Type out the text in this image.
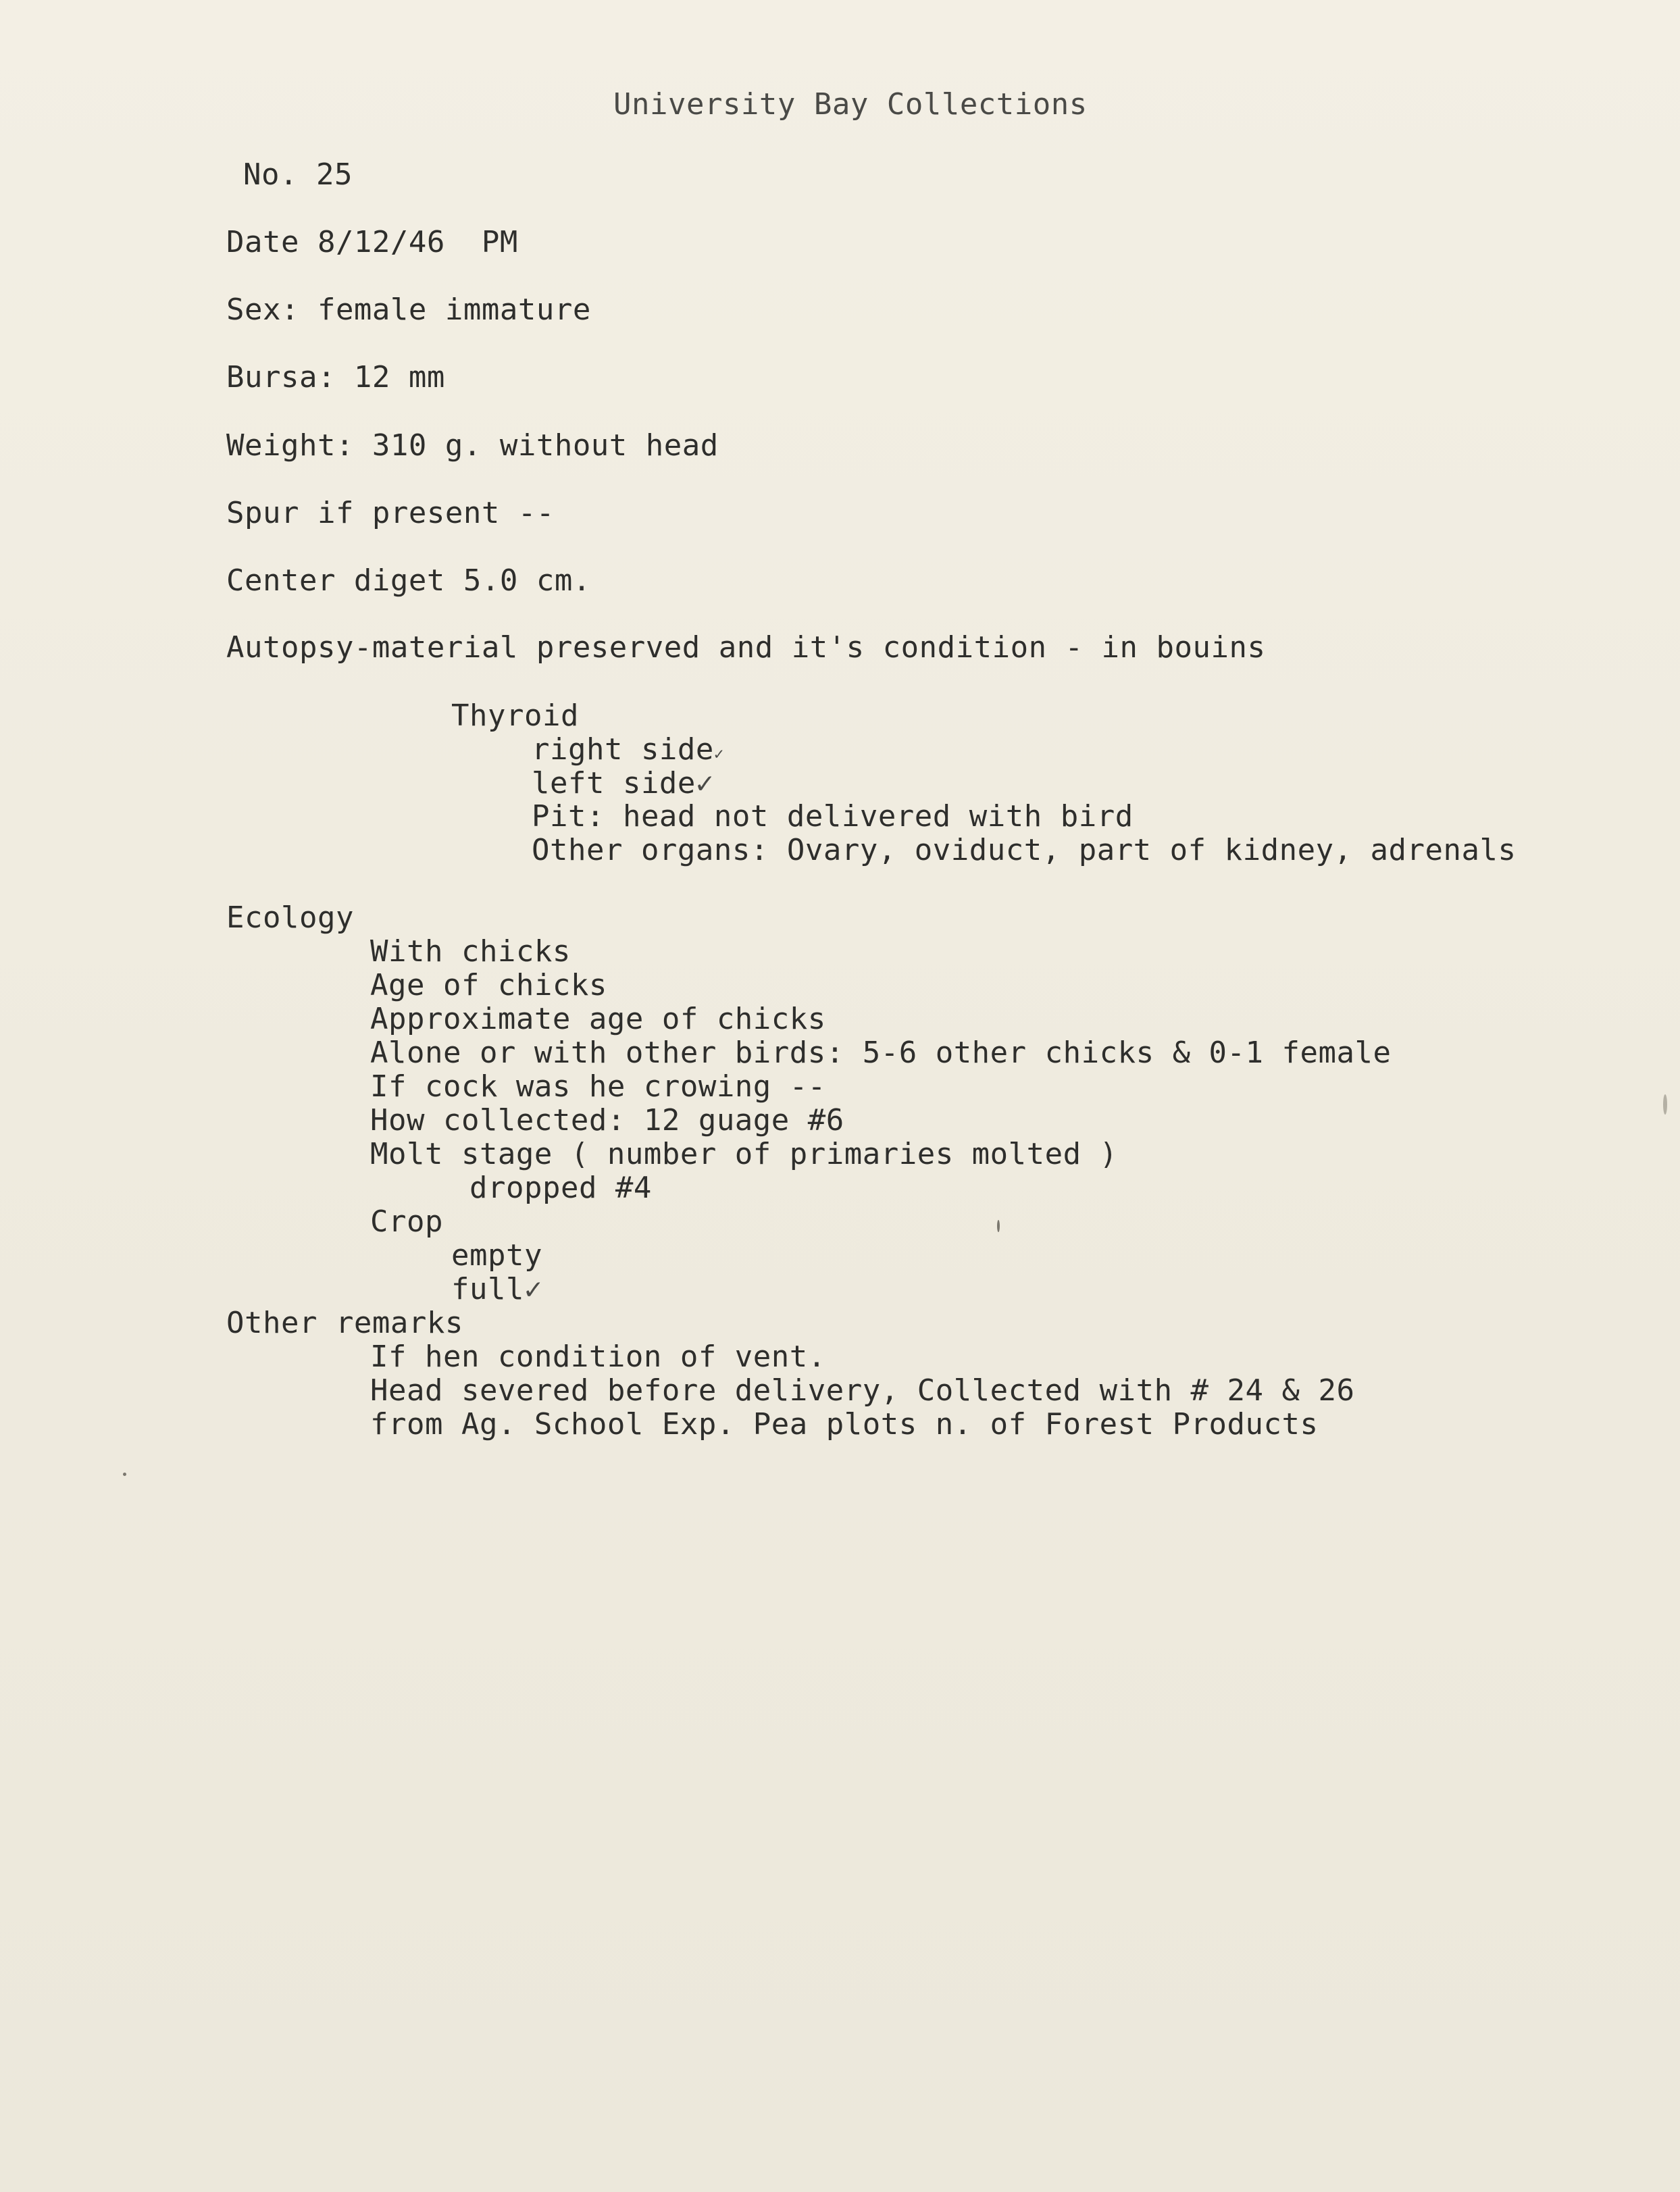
University Bay Collections
No. 25
Date 8/12/46  PM
Sex: female immature
Bursa: 12 mm
Weight: 310 g. without head
Spur if present --
Center diget 5.0 cm.
Autopsy-material preserved and it's condition - in bouins
Thyroid
right side✓
left side✓
Pit: head not delivered with bird
Other organs: Ovary, oviduct, part of kidney, adrenals
Ecology
With chicks
Age of chicks
Approximate age of chicks
Alone or with other birds: 5-6 other chicks & 0-1 female
If cock was he crowing --
How collected: 12 guage #6
Molt stage ( number of primaries molted )
dropped #4
Crop
empty
full✓
Other remarks
If hen condition of vent.
Head severed before delivery, Collected with # 24 & 26
from Ag. School Exp. Pea plots n. of Forest Products
